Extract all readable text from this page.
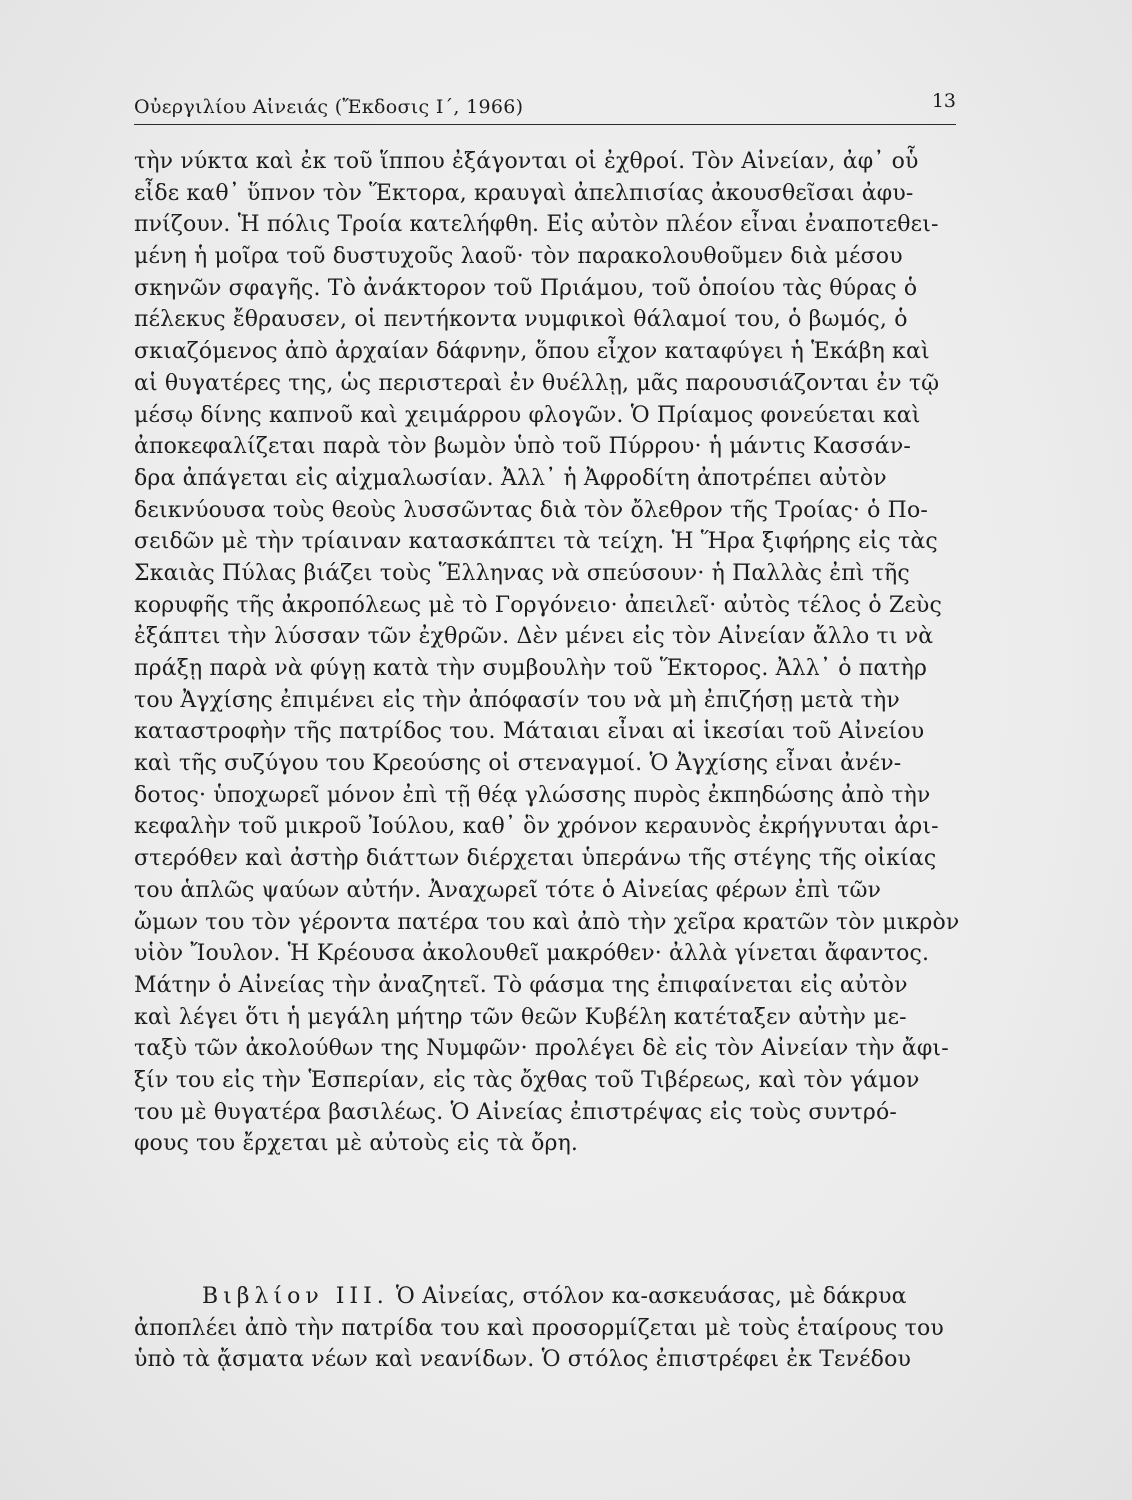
Οὐεργιλίου Αἰνειάς (Ἔκδοσις Ι΄, 1966)	13
τὴν νύκτα καὶ ἐκ τοῦ ἵππου ἐξάγονται οἱ ἐχθροί. Τὸν Αἰνείαν, ἀφ᾿ οὗ
εἶδε καθ᾿ ὕπνον τὸν Ἕκτορα, κραυγαὶ ἀπελπισίας ἀκουσθεῖσαι ἀφυ-
πνίζουν. Ἡ πόλις Τροία κατελήφθη. Εἰς αὐτὸν πλέον εἶναι ἐναποτεθει-
μένη ἡ μοῖρα τοῦ δυστυχοῦς λαοῦ· τὸν παρακολουθοῦμεν διὰ μέσου
σκηνῶν σφαγῆς. Τὸ ἀνάκτορον τοῦ Πριάμου, τοῦ ὁποίου τὰς θύρας ὁ
πέλεκυς ἔθραυσεν, οἱ πεντήκοντα νυμφικοὶ θάλαμοί του, ὁ βωμός, ὁ
σκιαζόμενος ἀπὸ ἀρχαίαν δάφνην, ὅπου εἶχον καταφύγει ἡ Ἑκάβη καὶ
αἱ θυγατέρες της, ὡς περιστεραὶ ἐν θυέλλῃ, μᾶς παρουσιάζονται ἐν τῷ
μέσῳ δίνης καπνοῦ καὶ χειμάρρου φλογῶν. Ὁ Πρίαμος φονεύεται καὶ
ἀποκεφαλίζεται παρὰ τὸν βωμὸν ὑπὸ τοῦ Πύρρου· ἡ μάντις Κασσάν-
δρα ἀπάγεται εἰς αἰχμαλωσίαν. Ἀλλ᾿ ἡ Ἀφροδίτη ἀποτρέπει αὐτὸν
δεικνύουσα τοὺς θεοὺς λυσσῶντας διὰ τὸν ὄλεθρον τῆς Τροίας· ὁ Πο-
σειδῶν μὲ τὴν τρίαιναν κατασκάπτει τὰ τείχη. Ἡ Ἥρα ξιφήρης εἰς τὰς
Σκαιὰς Πύλας βιάζει τοὺς Ἕλληνας νὰ σπεύσουν· ἡ Παλλὰς ἐπὶ τῆς
κορυφῆς τῆς ἀκροπόλεως μὲ τὸ Γοργόνειο· ἀπειλεῖ· αὐτὸς τέλος ὁ Ζεὺς
ἐξάπτει τὴν λύσσαν τῶν ἐχθρῶν. Δὲν μένει εἰς τὸν Αἰνείαν ἄλλο τι νὰ
πράξῃ παρὰ νὰ φύγῃ κατὰ τὴν συμβουλὴν τοῦ Ἕκτορος. Ἀλλ᾿ ὁ πατὴρ
του Ἀγχίσης ἐπιμένει εἰς τὴν ἀπόφασίν του νὰ μὴ ἐπιζήσῃ μετὰ τὴν
καταστροφὴν τῆς πατρίδος του. Μάταιαι εἶναι αἱ ἱκεσίαι τοῦ Αἰνείου
καὶ τῆς συζύγου του Κρεούσης οἱ στεναγμοί. Ὁ Ἀγχίσης εἶναι ἀνέν-
δοτος· ὑποχωρεῖ μόνον ἐπὶ τῇ θέᾳ γλώσσης πυρὸς ἐκπηδώσης ἀπὸ τὴν
κεφαλὴν τοῦ μικροῦ Ἰούλου, καθ᾿ ὃν χρόνον κεραυνὸς ἐκρήγνυται ἀρι-
στερόθεν καὶ ἀστὴρ διάττων διέρχεται ὑπεράνω τῆς στέγης τῆς οἰκίας
του ἁπλῶς ψαύων αὐτήν. Ἀναχωρεῖ τότε ὁ Αἰνείας φέρων ἐπὶ τῶν
ὤμων του τὸν γέροντα πατέρα του καὶ ἀπὸ τὴν χεῖρα κρατῶν τὸν μικρὸν
υἱὸν Ἴουλον. Ἡ Κρέουσα ἀκολουθεῖ μακρόθεν· ἀλλὰ γίνεται ἄφαντος.
Μάτην ὁ Αἰνείας τὴν ἀναζητεῖ. Τὸ φάσμα της ἐπιφαίνεται εἰς αὐτὸν
καὶ λέγει ὅτι ἡ μεγάλη μήτηρ τῶν θεῶν Κυβέλη κατέταξεν αὐτὴν με-
ταξὺ τῶν ἀκολούθων της Νυμφῶν· προλέγει δὲ εἰς τὸν Αἰνείαν τὴν ἄφι-
ξίν του εἰς τὴν Ἑσπερίαν, εἰς τὰς ὄχθας τοῦ Τιβέρεως, καὶ τὸν γάμον
του μὲ θυγατέρα βασιλέως. Ὁ Αἰνείας ἐπιστρέψας εἰς τοὺς συντρό-
φους του ἔρχεται μὲ αὐτοὺς εἰς τὰ ὄρη.
Βιβλίον ΙΙΙ. Ὁ Αἰνείας, στόλον κα-ασκευάσας, μὲ δάκρυα
ἀποπλέει ἀπὸ τὴν πατρίδα του καὶ προσορμίζεται μὲ τοὺς ἑταίρους του
ὑπὸ τὰ ᾄσματα νέων καὶ νεανίδων. Ὁ στόλος ἐπιστρέφει ἐκ Τενέδου
